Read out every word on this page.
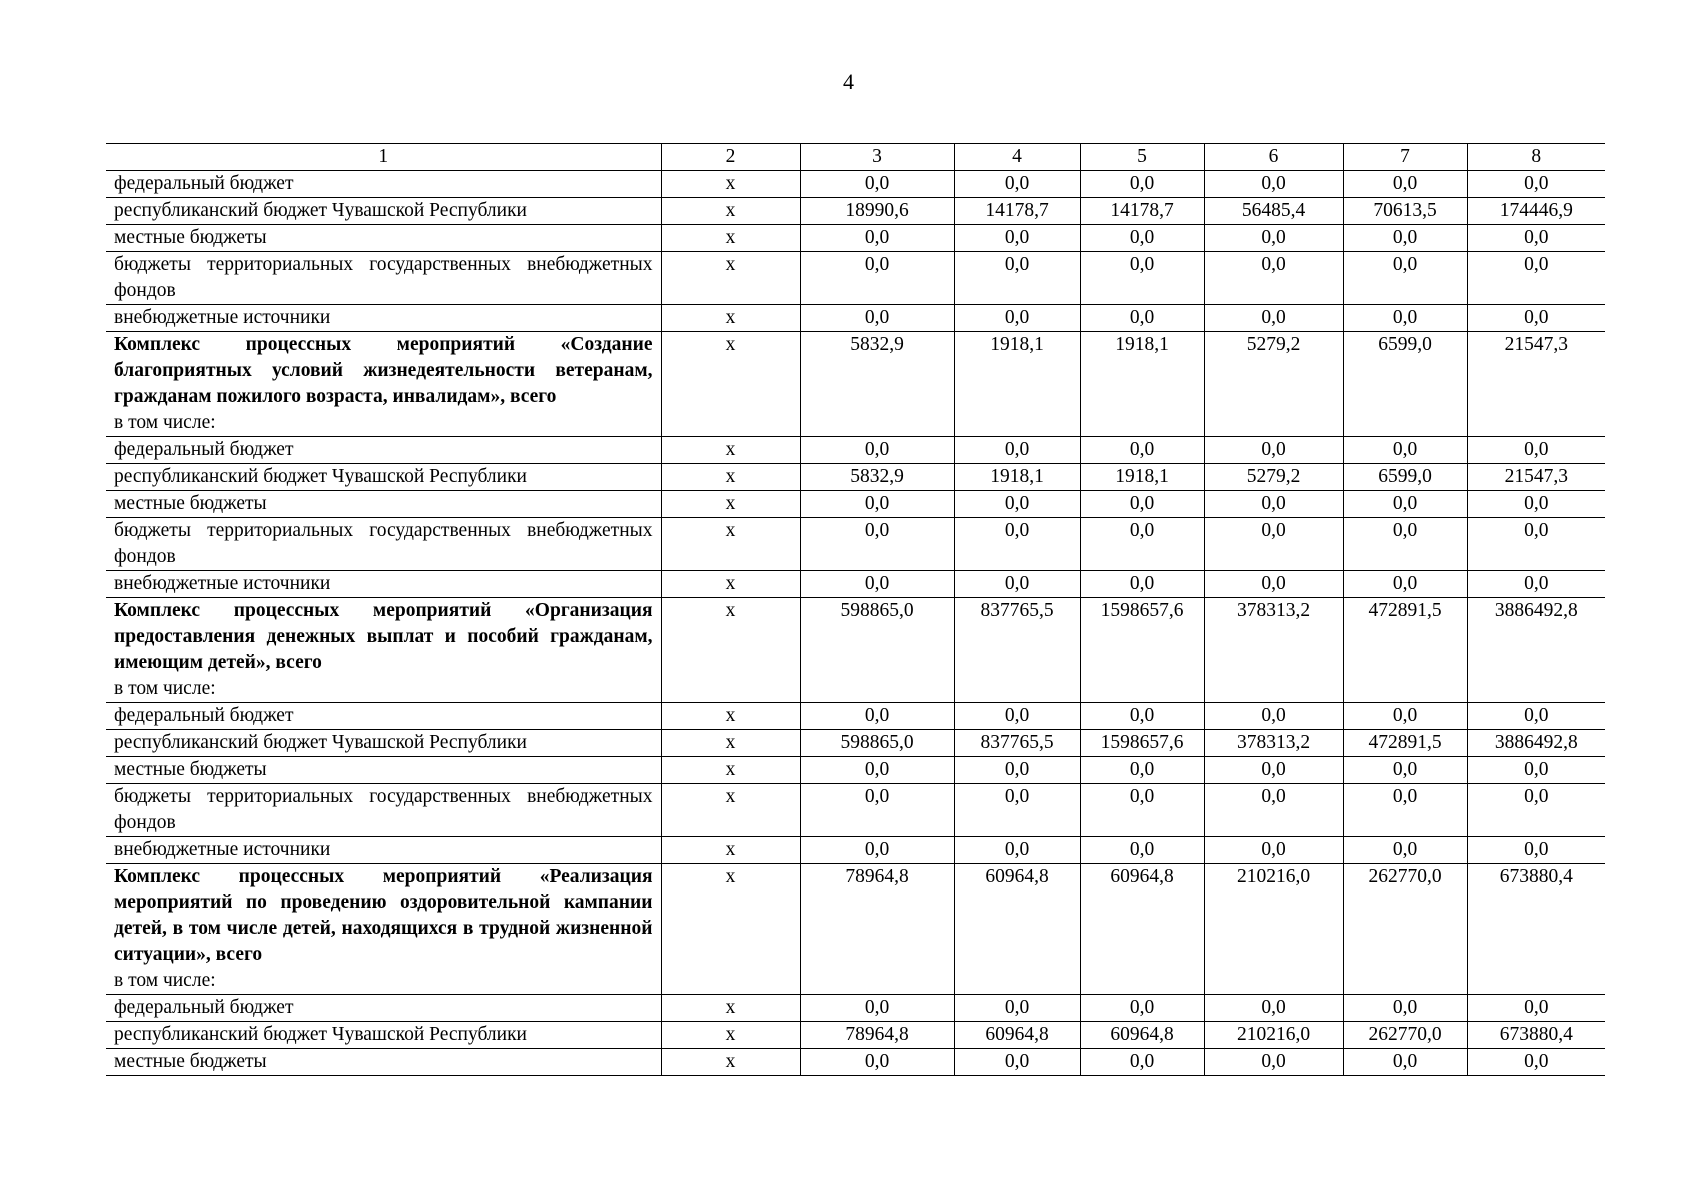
4
1	2	3	4	5	6	7	8

федеральный бюджет	х	0,0	0,0	0,0	0,0	0,0	0,0

республиканский бюджет Чувашской Республики	х	18990,6	14178,7	14178,7	56485,4	70613,5	174446,9

местные бюджеты	х	0,0	0,0	0,0	0,0	0,0	0,0

бюджеты территориальных государственных внебюджетных фондов	х	0,0	0,0	0,0	0,0	0,0	0,0

внебюджетные источники	х	0,0	0,0	0,0	0,0	0,0	0,0

Комплекс процессных мероприятий «Создание благоприятных условий жизнедеятельности ветеранам, гражданам пожилого возраста, инвалидам», всего
в том числе:	х	5832,9	1918,1	1918,1	5279,2	6599,0	21547,3

федеральный бюджет	х	0,0	0,0	0,0	0,0	0,0	0,0

республиканский бюджет Чувашской Республики	х	5832,9	1918,1	1918,1	5279,2	6599,0	21547,3

местные бюджеты	х	0,0	0,0	0,0	0,0	0,0	0,0

бюджеты территориальных государственных внебюджетных фондов	х	0,0	0,0	0,0	0,0	0,0	0,0

внебюджетные источники	х	0,0	0,0	0,0	0,0	0,0	0,0

Комплекс процессных мероприятий «Организация предоставления денежных выплат и пособий гражданам, имеющим детей», всего
в том числе:	х	598865,0	837765,5	1598657,6	378313,2	472891,5	3886492,8

федеральный бюджет	х	0,0	0,0	0,0	0,0	0,0	0,0

республиканский бюджет Чувашской Республики	х	598865,0	837765,5	1598657,6	378313,2	472891,5	3886492,8

местные бюджеты	х	0,0	0,0	0,0	0,0	0,0	0,0

бюджеты территориальных государственных внебюджетных фондов	х	0,0	0,0	0,0	0,0	0,0	0,0

внебюджетные источники	х	0,0	0,0	0,0	0,0	0,0	0,0

Комплекс процессных мероприятий «Реализация мероприятий по проведению оздоровительной кампании детей, в том числе детей, находящихся в трудной жизненной ситуации», всего
в том числе:	х	78964,8	60964,8	60964,8	210216,0	262770,0	673880,4

федеральный бюджет	х	0,0	0,0	0,0	0,0	0,0	0,0

республиканский бюджет Чувашской Республики	х	78964,8	60964,8	60964,8	210216,0	262770,0	673880,4

местные бюджеты	х	0,0	0,0	0,0	0,0	0,0	0,0
